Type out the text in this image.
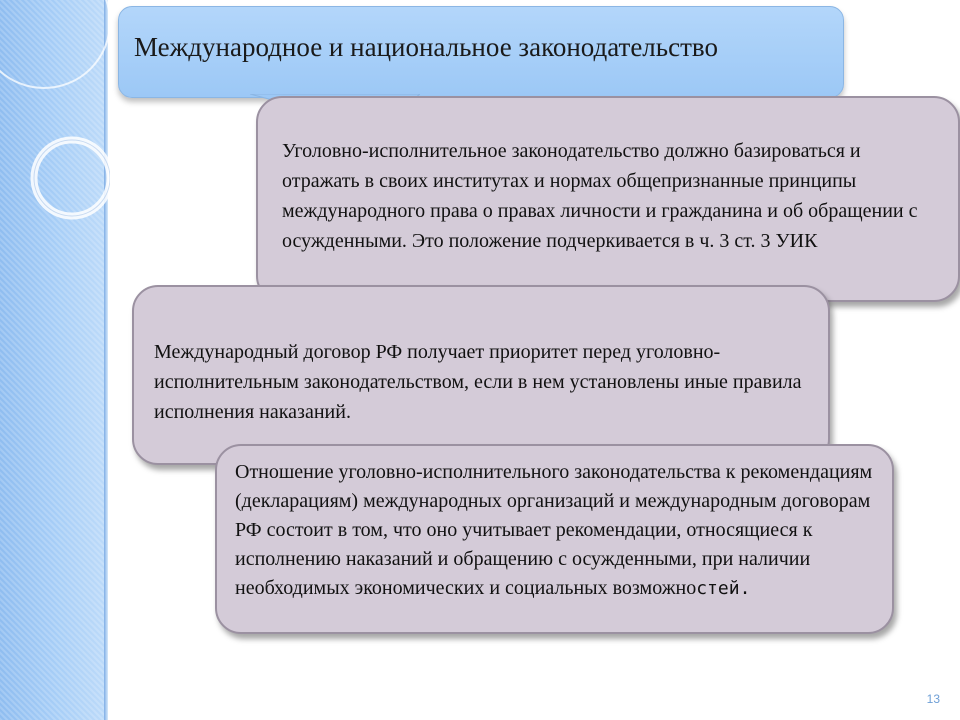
Международное и национальное законодательство
Уголовно-исполнительное законодательство должно базироваться и отражать в своих институтах и нормах общепризнанные принципы международного права о правах личности и гражданина и об обращении с осужденными. Это положение подчеркивается в ч. 3 ст. 3 УИК
Международный договор РФ получает приоритет перед уголовно-исполнительным законодательством, если в нем установлены иные правила исполнения наказаний.
Отношение уголовно-исполнительного законодательства к рекомендациям (декларациям) международных организаций и международным договорам РФ состоит в том, что оно учитывает рекомендации, относящиеся к исполнению наказаний и обращению с осужденными, при наличии необходимых экономических и социальных возможностей.
13
